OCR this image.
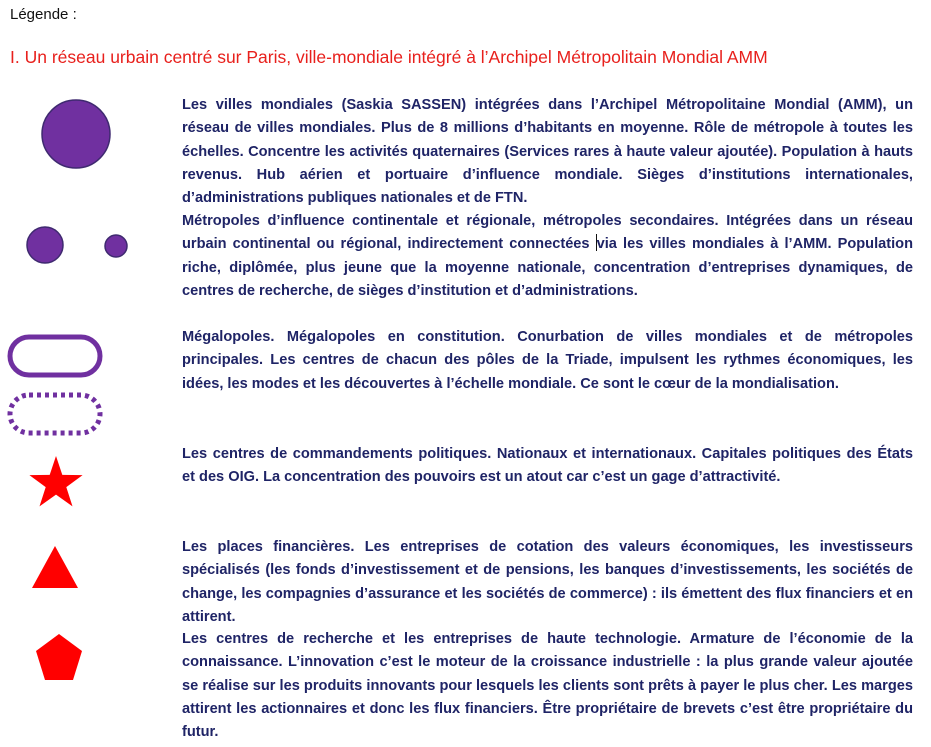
Légende :
I. Un réseau urbain centré sur Paris, ville-mondiale intégré à l’Archipel Métropolitain Mondial AMM

Les villes mondiales (Saskia SASSEN) intégrées dans l’Archipel Métropolitaine Mondial (AMM), un réseau de villes mondiales. Plus de 8 millions d’habitants en moyenne. Rôle de métropole à toutes les échelles. Concentre les activités quaternaires (Services rares à haute valeur ajoutée). Population à hauts revenus. Hub aérien et portuaire d’influence mondiale. Sièges d’institutions internationales, d’administrations publiques nationales et de FTN.

Métropoles d’influence continentale et régionale, métropoles secondaires. Intégrées dans un réseau urbain continental ou régional, indirectement connectées via les villes mondiales à l’AMM. Population riche, diplômée, plus jeune que la moyenne nationale, concentration d’entreprises dynamiques, de centres de recherche, de sièges d’institution et d’administrations.

Mégalopoles. Mégalopoles en constitution. Conurbation de villes mondiales et de métropoles principales. Les centres de chacun des pôles de la Triade, impulsent les rythmes économiques, les idées, les modes et les découvertes à l’échelle mondiale. Ce sont le cœur de la mondialisation.

Les centres de commandements politiques. Nationaux et internationaux. Capitales politiques des États et des OIG. La concentration des pouvoirs est un atout car c’est un gage d’attractivité.

Les places financières. Les entreprises de cotation des valeurs économiques, les investisseurs spécialisés (les fonds d’investissement et de pensions, les banques d’investissements, les sociétés de change, les compagnies d’assurance et les sociétés de commerce) : ils émettent des flux financiers et en attirent.

Les centres de recherche et les entreprises de haute technologie. Armature de l’économie de la connaissance. L’innovation c’est le moteur de la croissance industrielle : la plus grande valeur ajoutée se réalise sur les produits innovants pour lesquels les clients sont prêts à payer le plus cher. Les marges attirent les actionnaires et donc les flux financiers. Être propriétaire de brevets c’est être propriétaire du futur.
